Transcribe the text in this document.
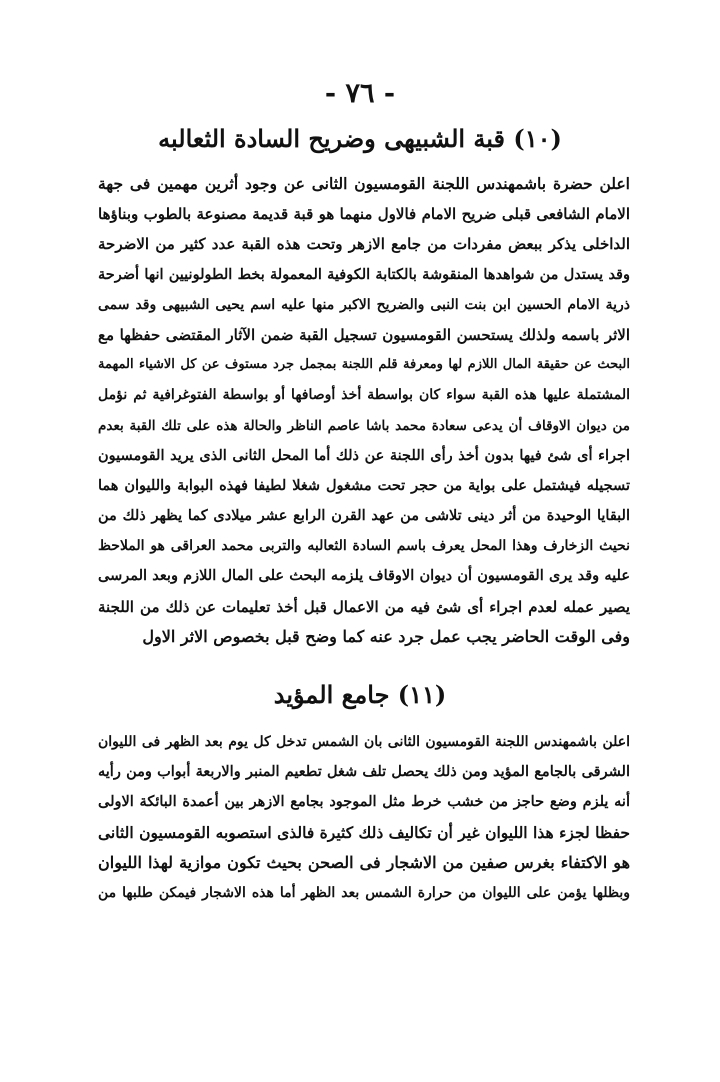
- ٧٦ -
(١٠) قبة الشبيهى وضريح السادة الثعالبه
اعلن حضرة باشمهندس اللجنة القومسيون الثانى عن وجود أثرين مهمين فى جهة
الامام الشافعى قبلى ضريح الامام فالاول منهما هو قبة قديمة مصنوعة بالطوب وبناؤها
الداخلى يذكر ببعض مفردات من جامع الازهر وتحت هذه القبة عدد كثير من الاضرحة
وقد يستدل من شواهدها المنقوشة بالكتابة الكوفية المعمولة بخط الطولونيين انها أضرحة
ذرية الامام الحسين ابن بنت النبى والضريح الاكبر منها عليه اسم يحيى الشبيهى وقد سمى
الاثر باسمه ولذلك يستحسن القومسيون تسجيل القبة ضمن الآثار المقتضى حفظها مع
البحث عن حقيقة المال اللازم لها ومعرفة قلم اللجنة بمجمل جرد مستوف عن كل الاشياء المهمة
المشتملة عليها هذه القبة سواء كان بواسطة أخذ أوصافها أو بواسطة الفتوغرافية ثم نؤمل
من ديوان الاوقاف أن يدعى سعادة محمد باشا عاصم الناظر والحالة هذه على تلك القبة بعدم
اجراء أى شئ فيها بدون أخذ رأى اللجنة عن ذلك أما المحل الثانى الذى يريد القومسيون
تسجيله فيشتمل على بواية من حجر تحت مشغول شغلا لطيفا فهذه البوابة والليوان هما
البقايا الوحيدة من أثر دينى تلاشى من عهد القرن الرابع عشر ميلادى كما يظهر ذلك من
نحيث الزخارف وهذا المحل يعرف باسم السادة الثعالبه والتربى محمد العراقى هو الملاحظ
عليه وقد يرى القومسيون أن ديوان الاوقاف يلزمه البحث على المال اللازم وبعد المرسى
يصير عمله لعدم اجراء أى شئ فيه من الاعمال قبل أخذ تعليمات عن ذلك من اللجنة
وفى الوقت الحاضر يجب عمل جرد عنه كما وضح قبل بخصوص الاثر الاول
(١١) جامع المؤيد
اعلن باشمهندس اللجنة القومسيون الثانى بان الشمس تدخل كل يوم بعد الظهر فى الليوان
الشرقى بالجامع المؤيد ومن ذلك يحصل تلف شغل تطعيم المنبر والاربعة أبواب ومن رأيه
أنه يلزم وضع حاجز من خشب خرط مثل الموجود بجامع الازهر بين أعمدة البائكة الاولى
حفظا لجزء هذا الليوان غير أن تكاليف ذلك كثيرة فالذى استصوبه القومسيون الثانى
هو الاكتفاء بغرس صفين من الاشجار فى الصحن بحيث تكون موازية لهذا الليوان
وبظلها يؤمن على الليوان من حرارة الشمس بعد الظهر أما هذه الاشجار فيمكن طلبها من
